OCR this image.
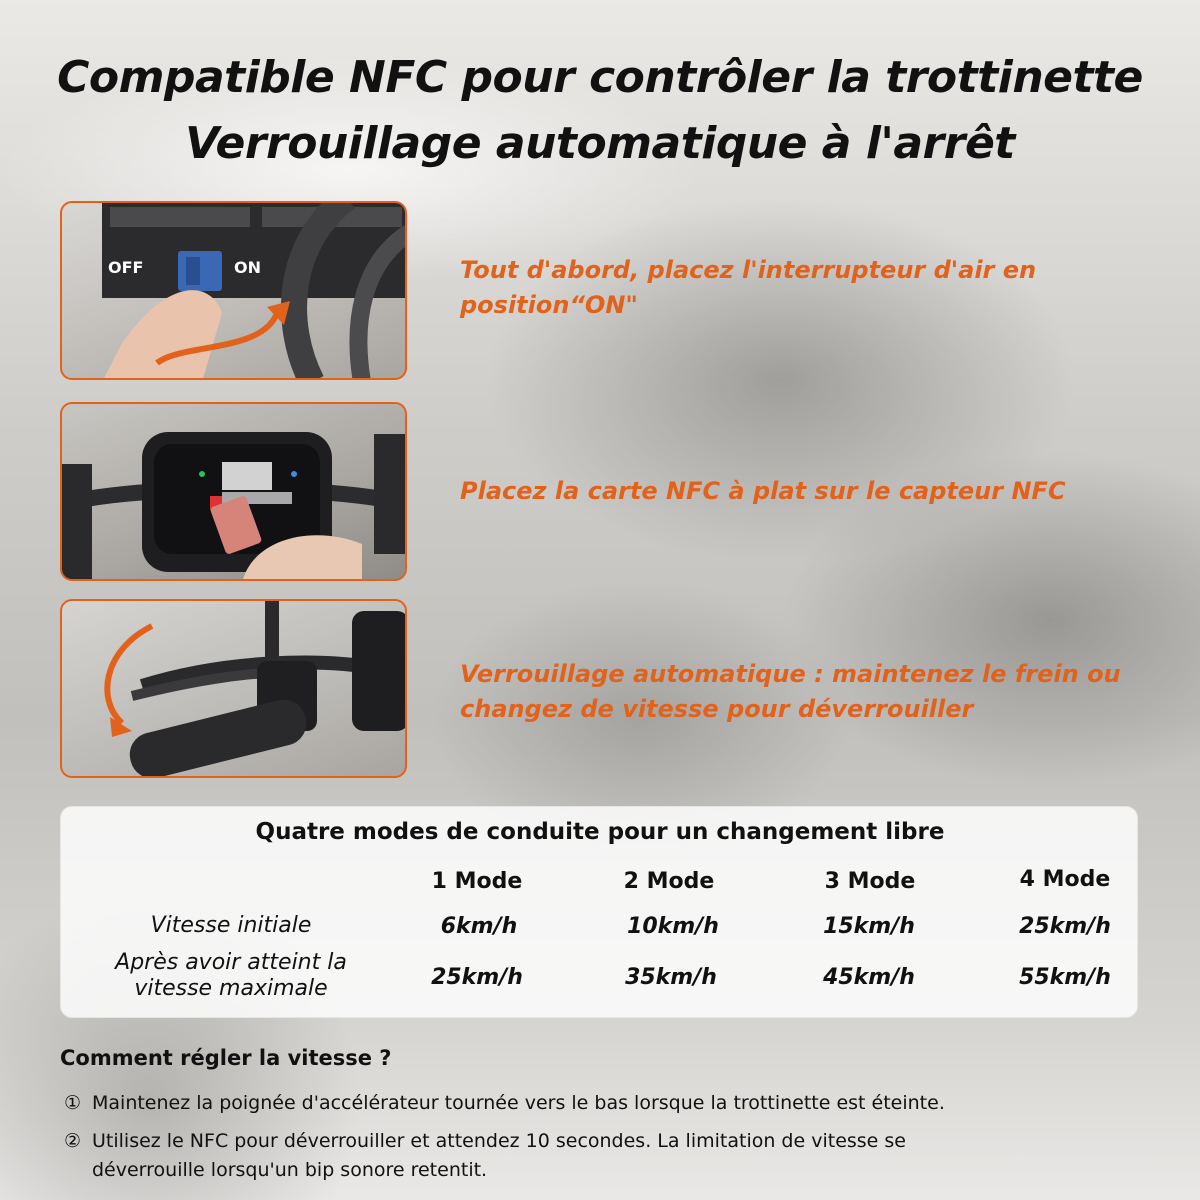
Compatible NFC pour contrôler la trottinette
Verrouillage automatique à l'arrêt
OFF	ON	Tout d'abord, placez l'interrupteur d'air en position“ON"
Placez la carte NFC à plat sur le capteur NFC
Verrouillage automatique : maintenez le frein ou changez de vitesse pour déverrouiller
Quatre modes de conduite pour un changement libre
1 Mode	2 Mode	3 Mode	4 Mode
Vitesse initiale	6km/h	10km/h	15km/h	25km/h
Après avoir atteint la
vitesse maximale	25km/h	35km/h	45km/h	55km/h
Comment régler la vitesse ?
① Maintenez la poignée d'accélérateur tournée vers le bas lorsque la trottinette est éteinte.
② Utilisez le NFC pour déverrouiller et attendez 10 secondes. La limitation de vitesse se
déverrouille lorsqu'un bip sonore retentit.
